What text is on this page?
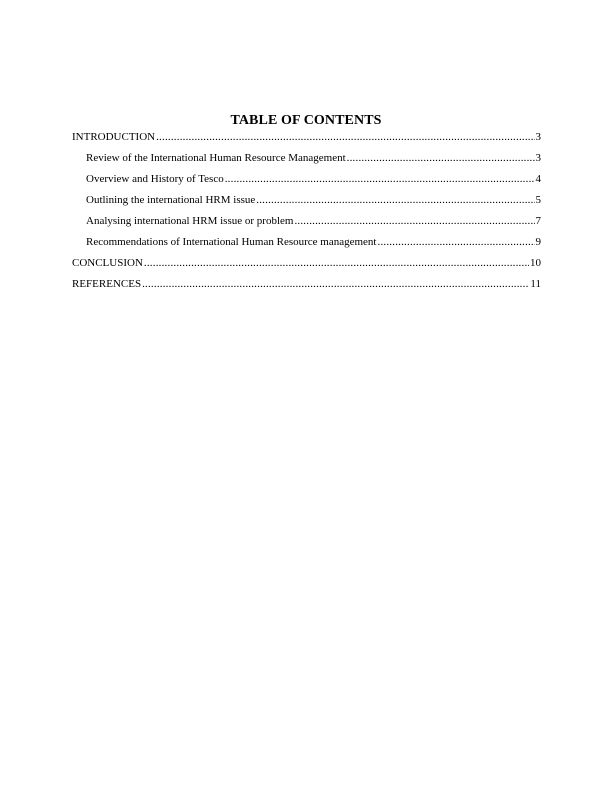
TABLE OF CONTENTS
INTRODUCTION .....	3
Review of the International Human Resource Management .....	3
Overview and History of Tesco .....	4
Outlining the international HRM issue .....	5
Analysing international HRM issue or problem .....	7
Recommendations of International Human Resource management .....	9
CONCLUSION .....	10
REFERENCES .....	11
